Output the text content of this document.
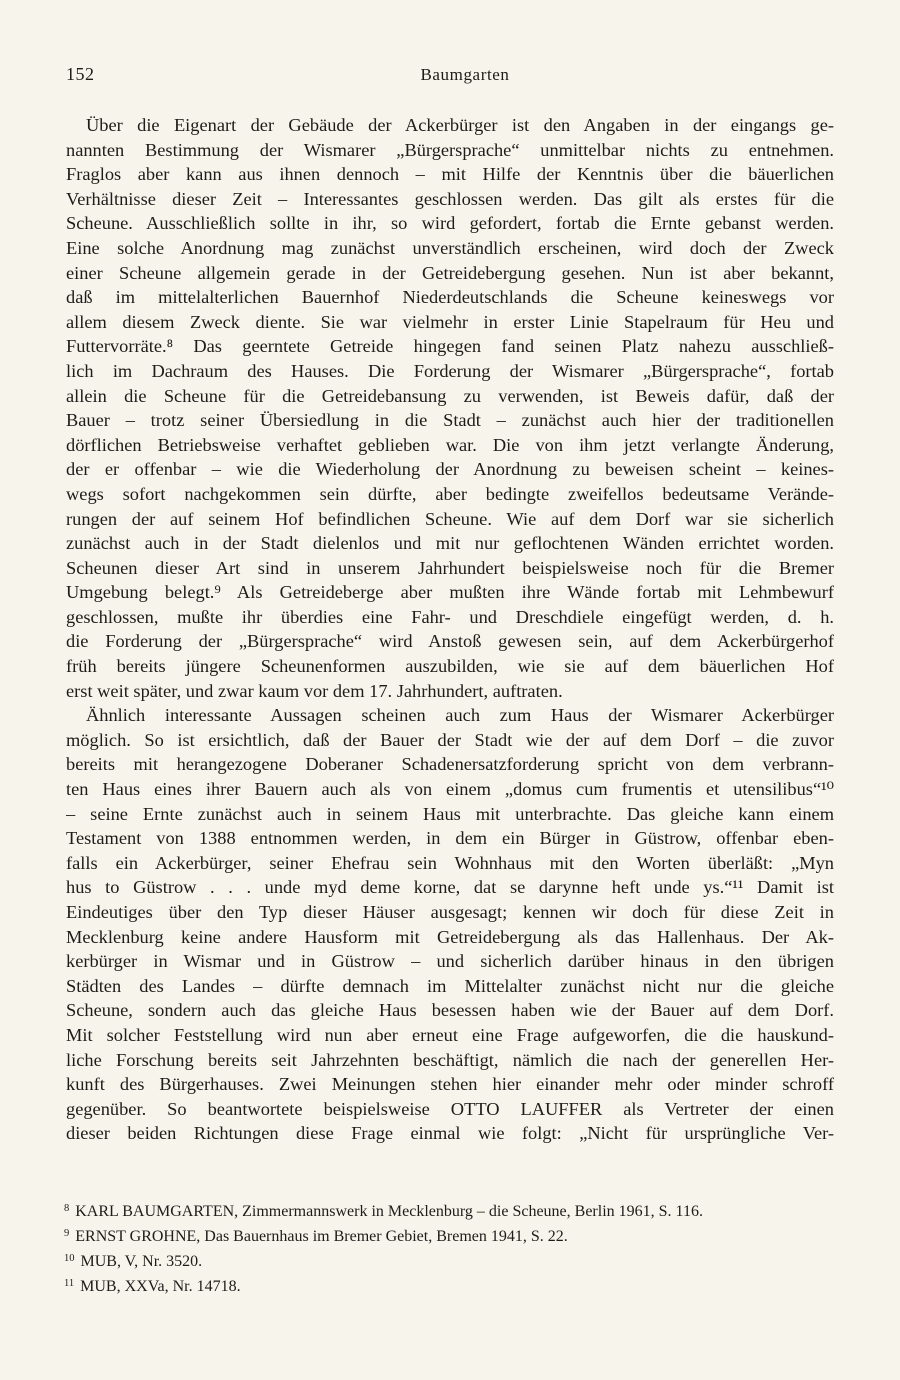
152	Baumgarten
Über die Eigenart der Gebäude der Ackerbürger ist den Angaben in der eingangs ge-
nannten Bestimmung der Wismarer „Bürgersprache“ unmittelbar nichts zu entnehmen.
Fraglos aber kann aus ihnen dennoch – mit Hilfe der Kenntnis über die bäuerlichen
Verhältnisse dieser Zeit – Interessantes geschlossen werden. Das gilt als erstes für die
Scheune. Ausschließlich sollte in ihr, so wird gefordert, fortab die Ernte gebanst werden.
Eine solche Anordnung mag zunächst unverständlich erscheinen, wird doch der Zweck
einer Scheune allgemein gerade in der Getreidebergung gesehen. Nun ist aber bekannt,
daß im mittelalterlichen Bauernhof Niederdeutschlands die Scheune keineswegs vor
allem diesem Zweck diente. Sie war vielmehr in erster Linie Stapelraum für Heu und
Futtervorräte.⁸ Das geerntete Getreide hingegen fand seinen Platz nahezu ausschließ-
lich im Dachraum des Hauses. Die Forderung der Wismarer „Bürgersprache“, fortab
allein die Scheune für die Getreidebansung zu verwenden, ist Beweis dafür, daß der
Bauer – trotz seiner Übersiedlung in die Stadt – zunächst auch hier der traditionellen
dörflichen Betriebsweise verhaftet geblieben war. Die von ihm jetzt verlangte Änderung,
der er offenbar – wie die Wiederholung der Anordnung zu beweisen scheint – keines-
wegs sofort nachgekommen sein dürfte, aber bedingte zweifellos bedeutsame Verände-
rungen der auf seinem Hof befindlichen Scheune. Wie auf dem Dorf war sie sicherlich
zunächst auch in der Stadt dielenlos und mit nur geflochtenen Wänden errichtet worden.
Scheunen dieser Art sind in unserem Jahrhundert beispielsweise noch für die Bremer
Umgebung belegt.⁹ Als Getreideberge aber mußten ihre Wände fortab mit Lehmbewurf
geschlossen, mußte ihr überdies eine Fahr- und Dreschdiele eingefügt werden, d. h.
die Forderung der „Bürgersprache“ wird Anstoß gewesen sein, auf dem Ackerbürgerhof
früh bereits jüngere Scheunenformen auszubilden, wie sie auf dem bäuerlichen Hof
erst weit später, und zwar kaum vor dem 17. Jahrhundert, auftraten.
Ähnlich interessante Aussagen scheinen auch zum Haus der Wismarer Ackerbürger
möglich. So ist ersichtlich, daß der Bauer der Stadt wie der auf dem Dorf – die zuvor
bereits mit herangezogene Doberaner Schadenersatzforderung spricht von dem verbrann-
ten Haus eines ihrer Bauern auch als von einem „domus cum frumentis et utensilibus“¹⁰
– seine Ernte zunächst auch in seinem Haus mit unterbrachte. Das gleiche kann einem
Testament von 1388 entnommen werden, in dem ein Bürger in Güstrow, offenbar eben-
falls ein Ackerbürger, seiner Ehefrau sein Wohnhaus mit den Worten überläßt: „Myn
hus to Güstrow . . . unde myd deme korne, dat se darynne heft unde ys.“¹¹ Damit ist
Eindeutiges über den Typ dieser Häuser ausgesagt; kennen wir doch für diese Zeit in
Mecklenburg keine andere Hausform mit Getreidebergung als das Hallenhaus. Der Ak-
kerbürger in Wismar und in Güstrow – und sicherlich darüber hinaus in den übrigen
Städten des Landes – dürfte demnach im Mittelalter zunächst nicht nur die gleiche
Scheune, sondern auch das gleiche Haus besessen haben wie der Bauer auf dem Dorf.
Mit solcher Feststellung wird nun aber erneut eine Frage aufgeworfen, die die hauskund-
liche Forschung bereits seit Jahrzehnten beschäftigt, nämlich die nach der generellen Her-
kunft des Bürgerhauses. Zwei Meinungen stehen hier einander mehr oder minder schroff
gegenüber. So beantwortete beispielsweise OTTO LAUFFER als Vertreter der einen
dieser beiden Richtungen diese Frage einmal wie folgt: „Nicht für ursprüngliche Ver-
$^8$ KARL BAUMGARTEN, Zimmermannswerk in Mecklenburg – die Scheune, Berlin 1961, S. 116.
$^9$ ERNST GROHNE, Das Bauernhaus im Bremer Gebiet, Bremen 1941, S. 22.
$^{10}$ MUB, V, Nr. 3520.
$^{11}$ MUB, XXVa, Nr. 14718.
